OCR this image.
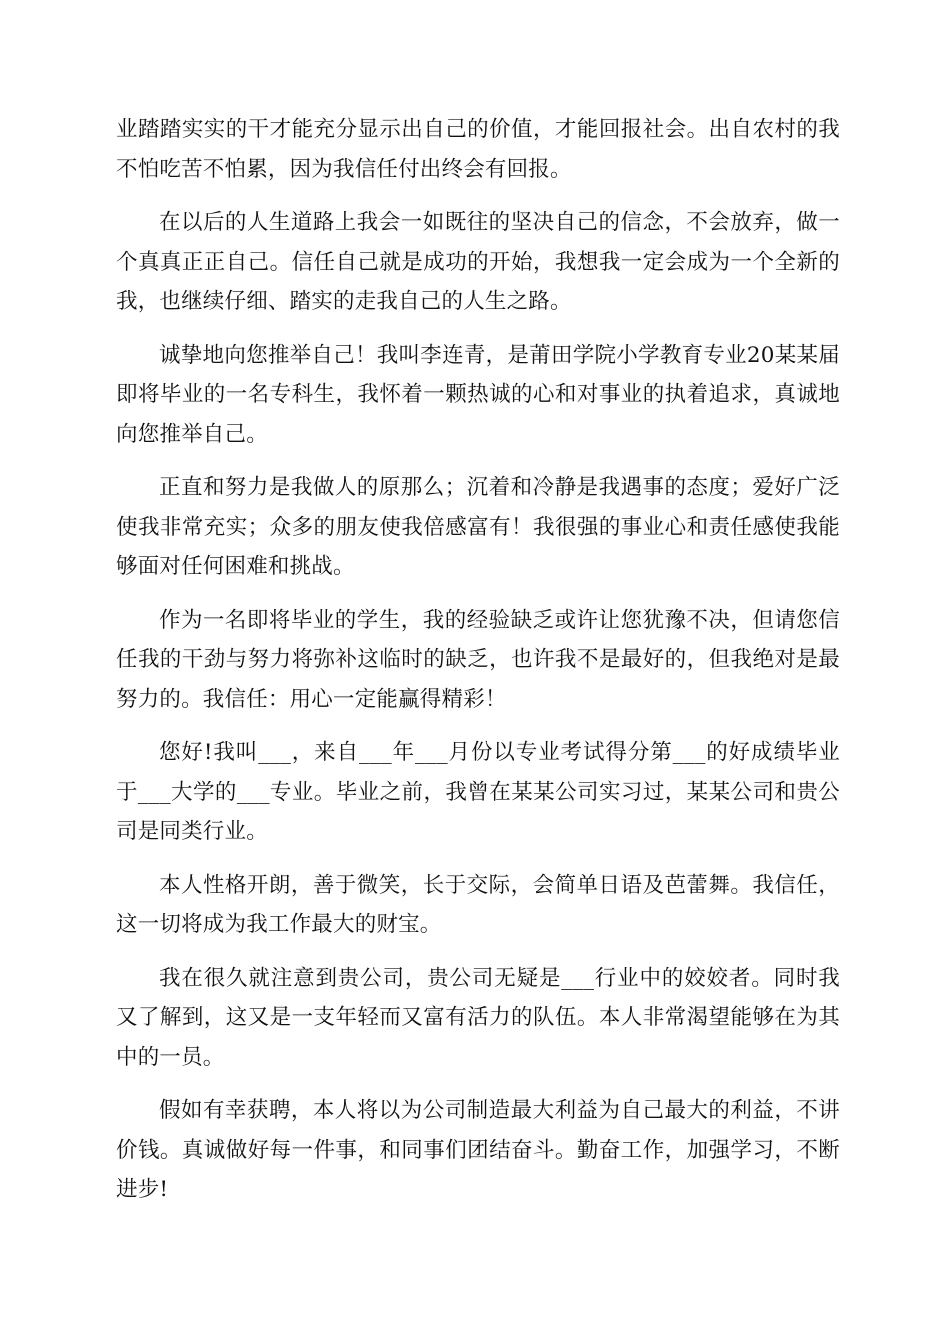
业踏踏实实的干才能充分显示出自己的价值，才能回报社会。出自农村的我不怕吃苦不怕累，因为我信任付出终会有回报。

在以后的人生道路上我会一如既往的坚决自己的信念，不会放弃，做一个真真正正自己。信任自己就是成功的开始，我想我一定会成为一个全新的我，也继续仔细、踏实的走我自己的人生之路。

诚挚地向您推举自己！我叫李连青，是莆田学院小学教育专业20某某届即将毕业的一名专科生，我怀着一颗热诚的心和对事业的执着追求，真诚地向您推举自己。

正直和努力是我做人的原那么；沉着和冷静是我遇事的态度；爱好广泛使我非常充实；众多的朋友使我倍感富有！我很强的事业心和责任感使我能够面对任何困难和挑战。

作为一名即将毕业的学生，我的经验缺乏或许让您犹豫不决，但请您信任我的干劲与努力将弥补这临时的缺乏，也许我不是最好的，但我绝对是最努力的。我信任：用心一定能赢得精彩！

您好!我叫___，来自___年___月份以专业考试得分第___的好成绩毕业于___大学的___专业。毕业之前，我曾在某某公司实习过，某某公司和贵公司是同类行业。

本人性格开朗，善于微笑，长于交际，会简单日语及芭蕾舞。我信任，这一切将成为我工作最大的财宝。

我在很久就注意到贵公司，贵公司无疑是___行业中的姣姣者。同时我又了解到，这又是一支年轻而又富有活力的队伍。本人非常渴望能够在为其中的一员。

假如有幸获聘，本人将以为公司制造最大利益为自己最大的利益，不讲价钱。真诚做好每一件事，和同事们团结奋斗。勤奋工作，加强学习，不断进步!
